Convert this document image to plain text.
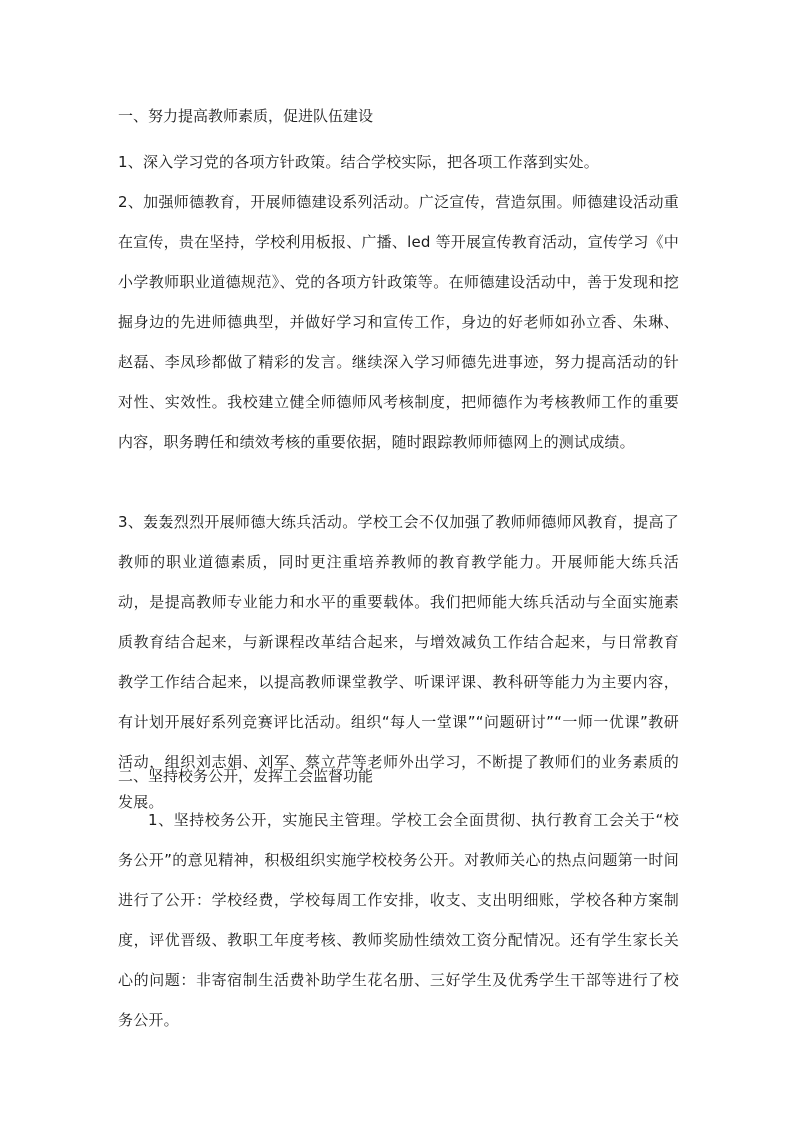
一、努力提高教师素质，促进队伍建设

1、深入学习党的各项方针政策。结合学校实际，把各项工作落到实处。

2、加强师德教育，开展师德建设系列活动。广泛宣传，营造氛围。师德建设活动重在宣传，贵在坚持，学校利用板报、广播、led 等开展宣传教育活动，宣传学习《中小学教师职业道德规范》、党的各项方针政策等。在师德建设活动中，善于发现和挖掘身边的先进师德典型，并做好学习和宣传工作，身边的好老师如孙立香、朱琳、赵磊、李凤珍都做了精彩的发言。继续深入学习师德先进事迹，努力提高活动的针对性、实效性。我校建立健全师德师风考核制度，把师德作为考核教师工作的重要内容，职务聘任和绩效考核的重要依据，随时跟踪教师师德网上的测试成绩。

3、轰轰烈烈开展师德大练兵活动。学校工会不仅加强了教师师德师风教育，提高了教师的职业道德素质，同时更注重培养教师的教育教学能力。开展师能大练兵活动，是提高教师专业能力和水平的重要载体。我们把师能大练兵活动与全面实施素质教育结合起来，与新课程改革结合起来，与增效减负工作结合起来，与日常教育教学工作结合起来，以提高教师课堂教学、听课评课、教科研等能力为主要内容，有计划开展好系列竞赛评比活动。组织“每人一堂课”“问题研讨”“一师一优课”教研活动，组织刘志娟、刘军、蔡立芹等老师外出学习，不断提了教师们的业务素质的发展。

二、坚持校务公开，发挥工会监督功能

1、坚持校务公开，实施民主管理。学校工会全面贯彻、执行教育工会关于“校务公开”的意见精神，积极组织实施学校校务公开。对教师关心的热点问题第一时间进行了公开：学校经费，学校每周工作安排，收支、支出明细账，学校各种方案制度，评优晋级、教职工年度考核、教师奖励性绩效工资分配情况。还有学生家长关心的问题：非寄宿制生活费补助学生花名册、三好学生及优秀学生干部等进行了校务公开。
